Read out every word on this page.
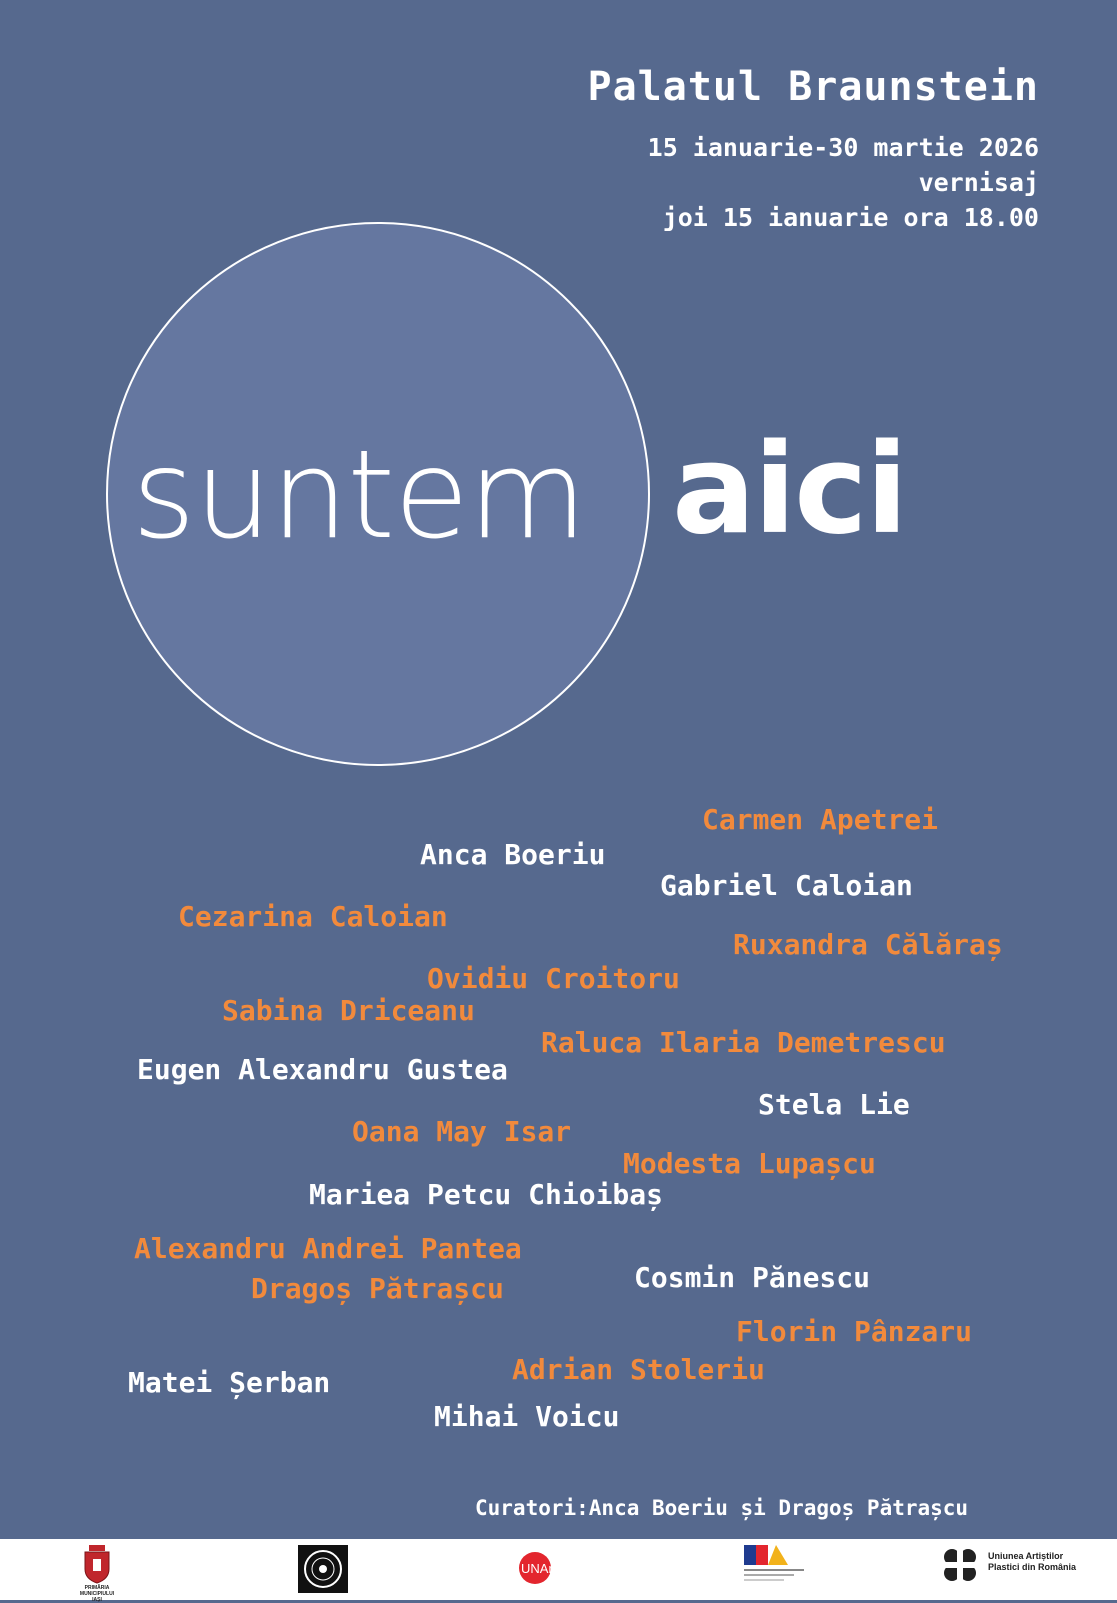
Palatul Braunstein
15 ianuarie-30 martie 2026
vernisaj
joi 15 ianuarie ora 18.00
suntem aici
Carmen Apetrei
Anca Boeriu
Gabriel Caloian
Cezarina Caloian
Ruxandra Călăraș
Ovidiu Croitoru
Sabina Driceanu
Raluca Ilaria Demetrescu
Eugen Alexandru Gustea
Stela Lie
Oana May Isar
Modesta Lupașcu
Mariea Petcu Chioibaș
Alexandru Andrei Pantea
Dragoș Pătrașcu	Cosmin Pănescu
Florin Pânzaru
Adrian Stoleriu
Matei Șerban
Mihai Voicu
Curatori:Anca Boeriu și Dragoș Pătrașcu
PRIMĂRIA MUNICIPIULUI IAȘI
UNArte
Uniunea Artiștilor Plastici din România
